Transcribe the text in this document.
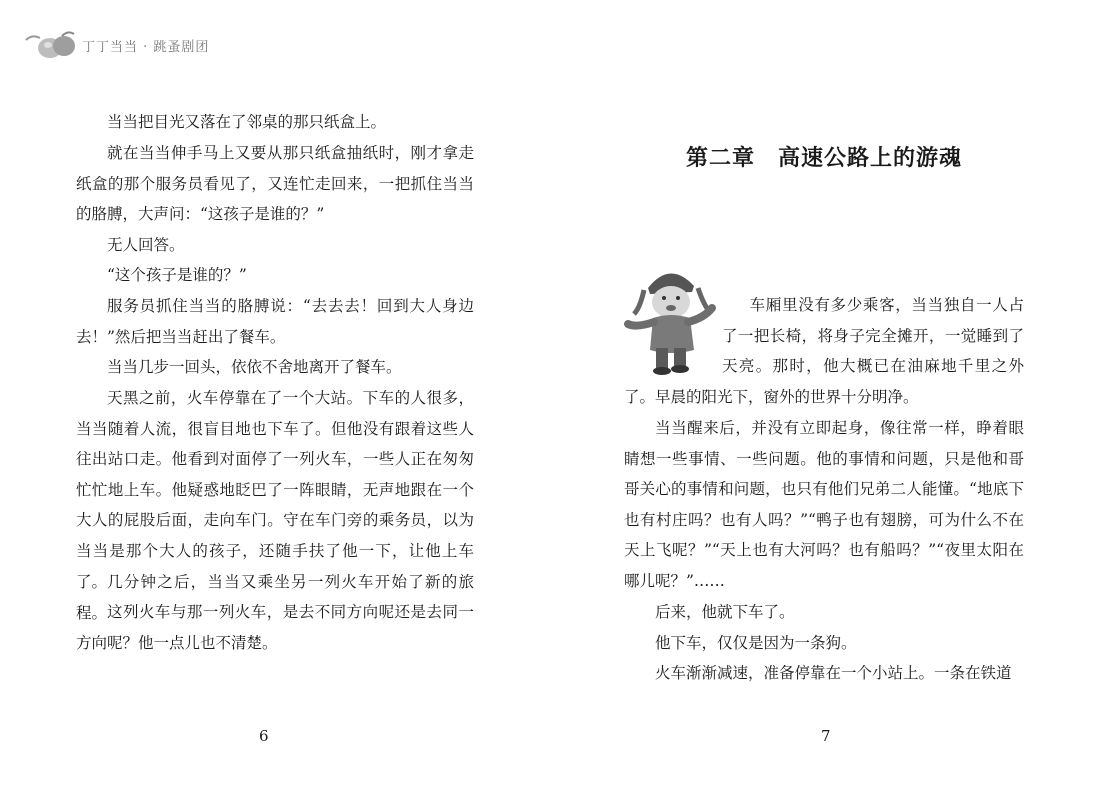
丁丁当当 · 跳蚤剧团

当当把目光又落在了邻桌的那只纸盒上。

就在当当伸手马上又要从那只纸盒抽纸时，刚才拿走纸盒的那个服务员看见了，又连忙走回来，一把抓住当当的胳膊，大声问：“这孩子是谁的？”

无人回答。

“这个孩子是谁的？”

服务员抓住当当的胳膊说：“去去去！回到大人身边去！”然后把当当赶出了餐车。

当当几步一回头，依依不舍地离开了餐车。

天黑之前，火车停靠在了一个大站。下车的人很多，当当随着人流，很盲目地也下车了。但他没有跟着这些人往出站口走。他看到对面停了一列火车，一些人正在匆匆忙忙地上车。他疑惑地眨巴了一阵眼睛，无声地跟在一个大人的屁股后面，走向车门。守在车门旁的乘务员，以为当当是那个大人的孩子，还随手扶了他一下，让他上车了。 几分钟之后，当当又乘坐另一列火车开始了新的旅程。 这列火车与那一列火车，是去不同方向呢还是去同一方向呢？他一点儿也不清楚。

6
第二章　高速公路上的游魂

车厢里没有多少乘客，当当独自一人占了一把长椅，将身子完全摊开，一觉睡到了天亮。那时，他大概已在油麻地千里之外了。 早晨的阳光下，窗外的世界十分明净。

当当醒来后，并没有立即起身，像往常一样，睁着眼睛想一些事情、一些问题。他的事情和问题，只是他和哥哥关心的事情和问题，也只有他们兄弟二人能懂。“地底下也有村庄吗？也有人吗？”“鸭子也有翅膀，可为什么不在天上飞呢？”“天上也有大河吗？也有船吗？”“夜里太阳在哪儿呢？”……

后来，他就下车了。

他下车，仅仅是因为一条狗。

火车渐渐减速，准备停靠在一个小站上。一条在铁道

7
